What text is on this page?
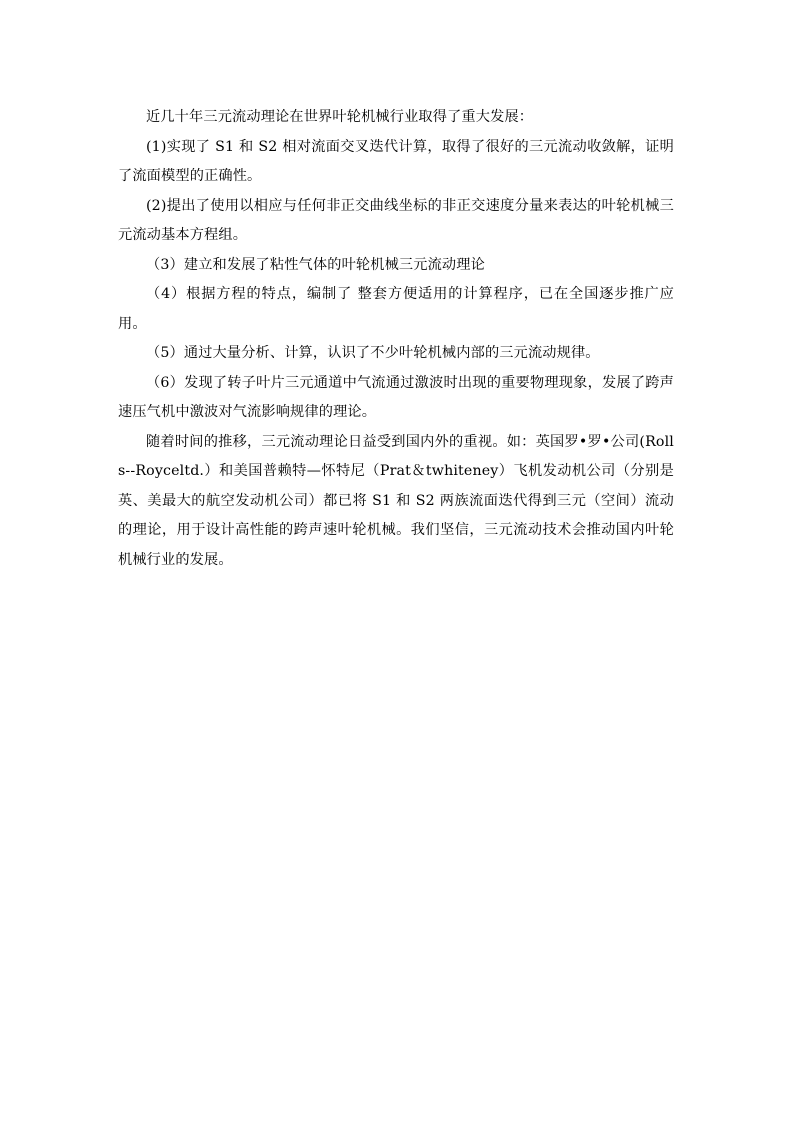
近几十年三元流动理论在世界叶轮机械行业取得了重大发展：

(1)实现了 S1 和 S2 相对流面交叉迭代计算，取得了很好的三元流动收敛解，证明了流面模型的正确性。

(2)提出了使用以相应与任何非正交曲线坐标的非正交速度分量来表达的叶轮机械三元流动基本方程组。

（3）建立和发展了粘性气体的叶轮机械三元流动理论

（4）根据方程的特点，编制了 整套方便适用的计算程序，已在全国逐步推广应用。

（5）通过大量分析、计算，认识了不少叶轮机械内部的三元流动规律。

（6）发现了转子叶片三元通道中气流通过激波时出现的重要物理现象，发展了跨声速压气机中激波对气流影响规律的理论。

随着时间的推移，三元流动理论日益受到国内外的重视。如：英国罗•罗•公司(Rolls--Royceltd.）和美国普赖特—怀特尼（Prat＆twhiteney）飞机发动机公司（分别是英、美最大的航空发动机公司）都已将 S1 和 S2 两族流面迭代得到三元（空间）流动的理论，用于设计高性能的跨声速叶轮机械。我们坚信，三元流动技术会推动国内叶轮机械行业的发展。
